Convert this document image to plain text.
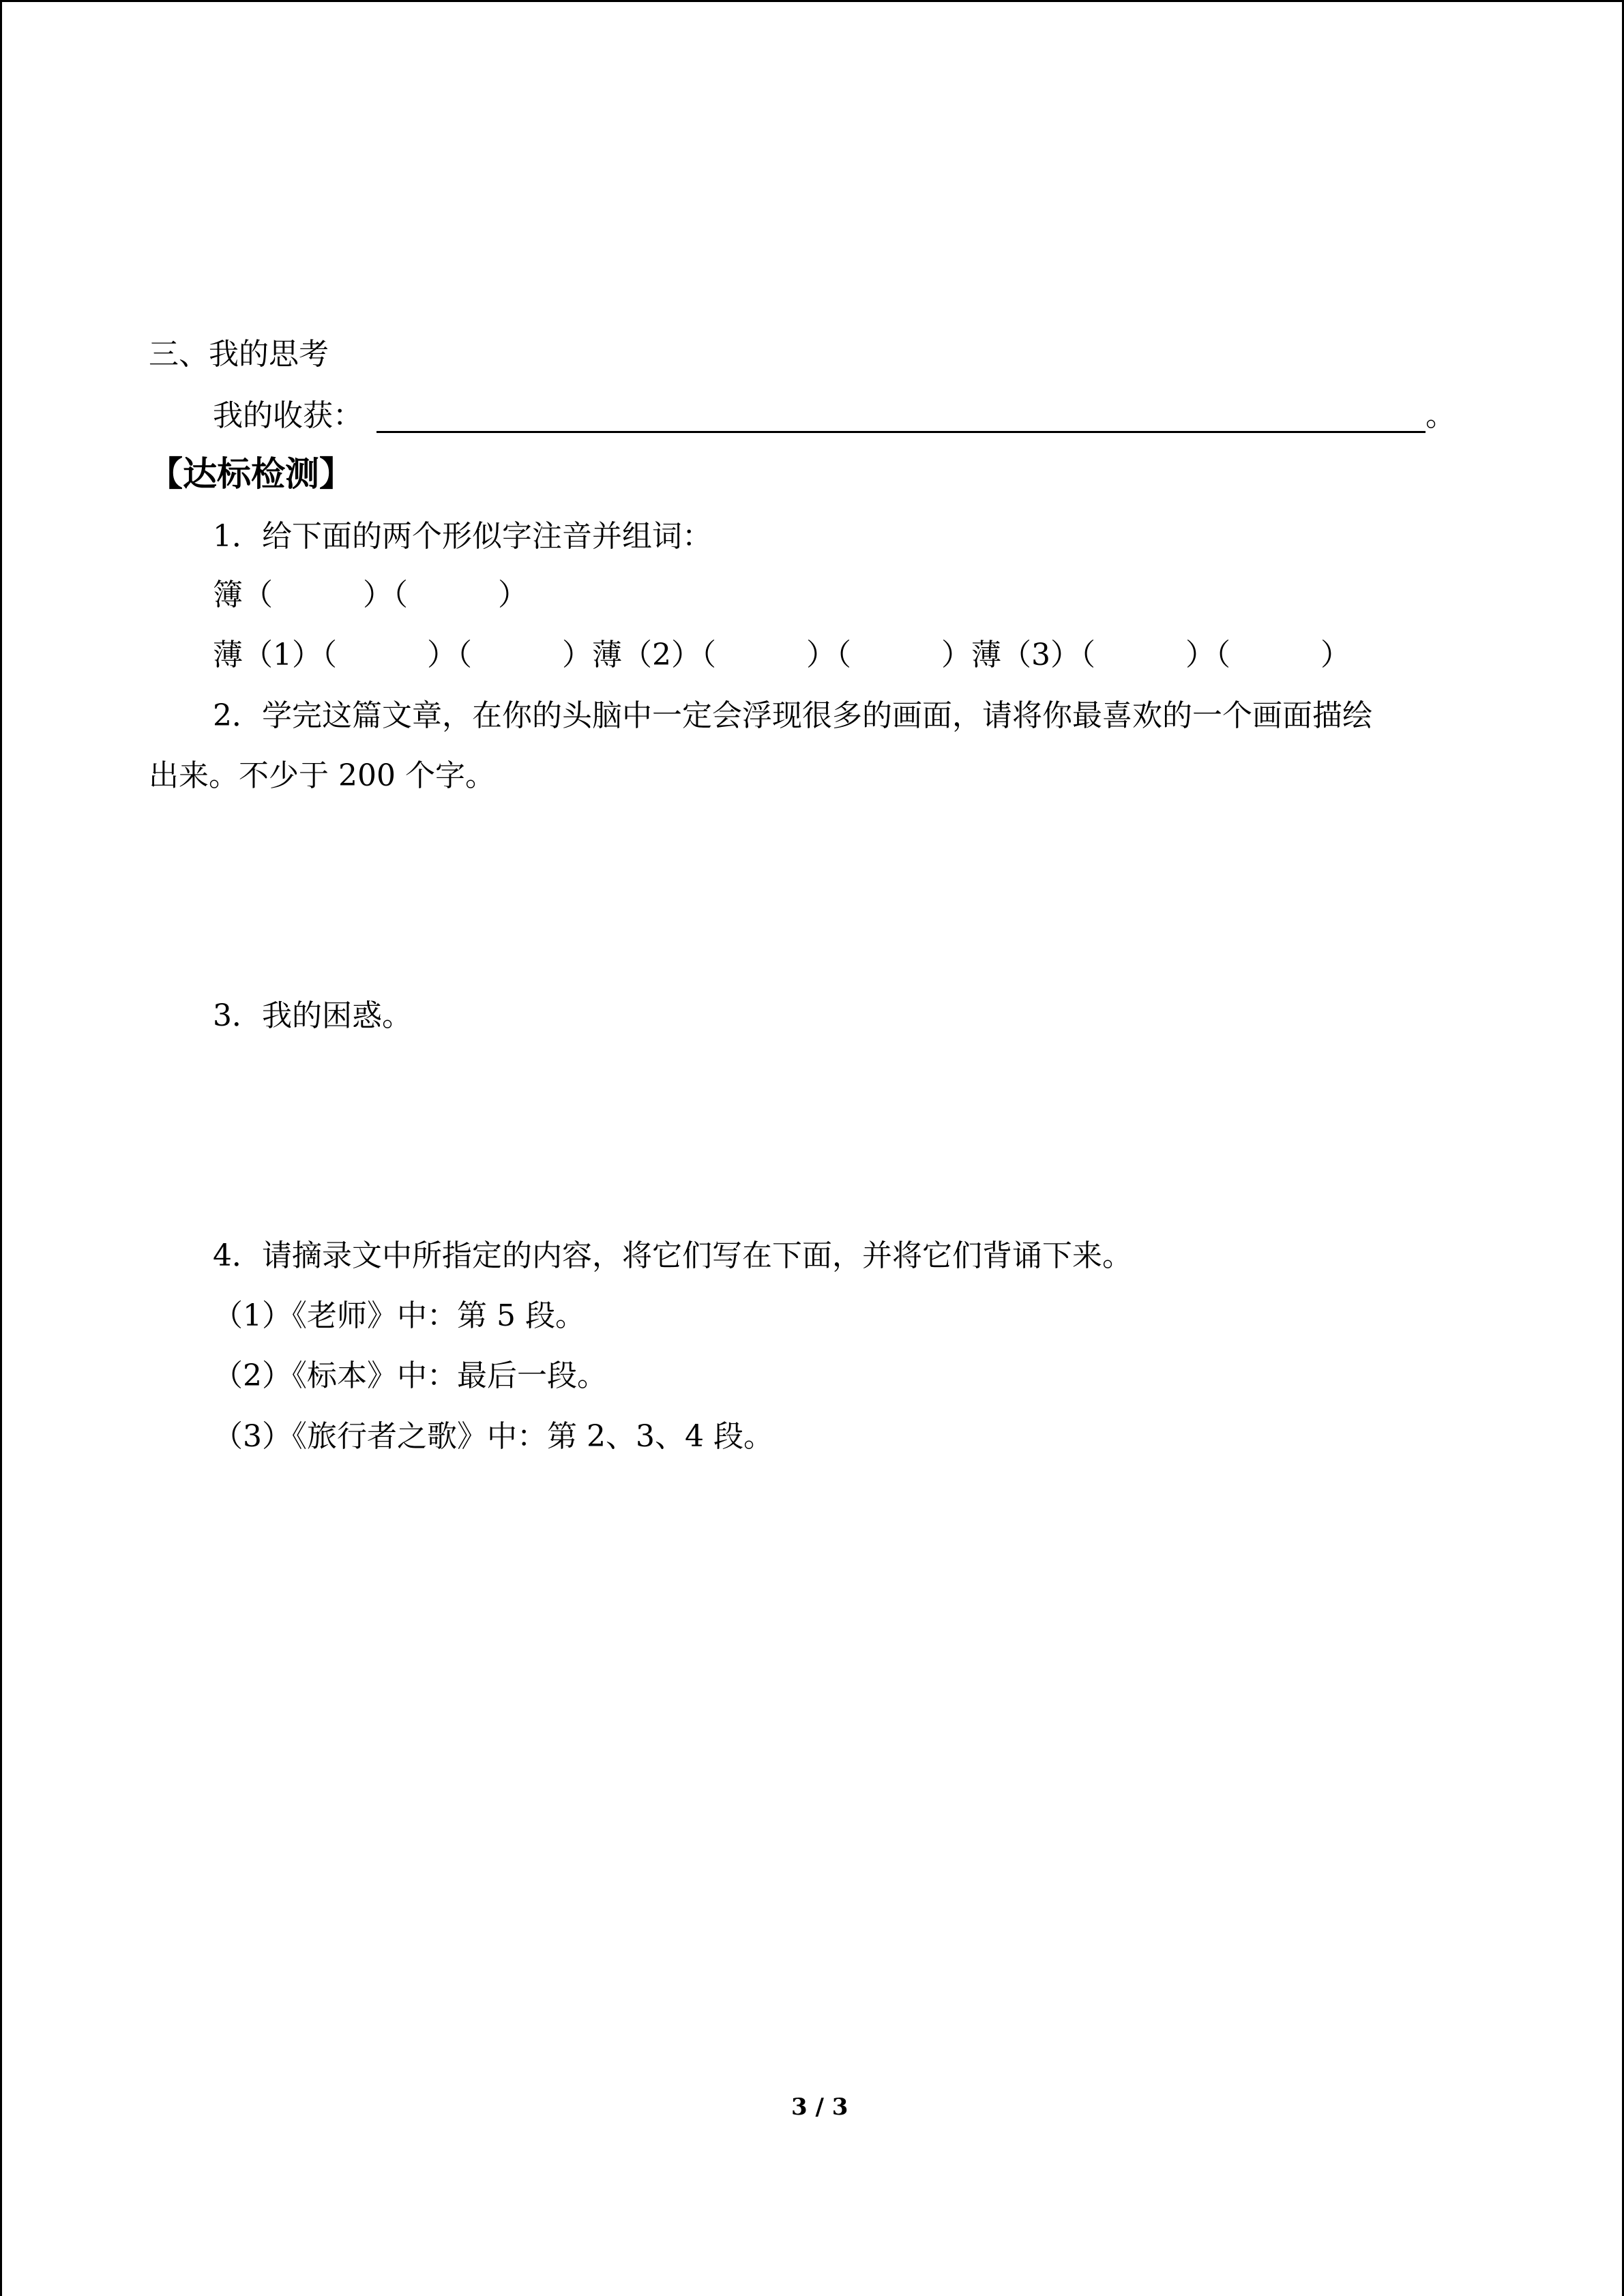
三、我的思考
我的收获：	。
【达标检测】
1．给下面的两个形似字注音并组词：
簿（　　　）（　　　）
薄（1）（　　　）（　　　）薄（2）（　　　）（　　　）薄（3）（　　　）（　　　）
2．学完这篇文章，在你的头脑中一定会浮现很多的画面，请将你最喜欢的一个画面描绘
出来。不少于 200 个字。
3．我的困惑。
4．请摘录文中所指定的内容，将它们写在下面，并将它们背诵下来。
（1）《老师》中：第 5 段。
（2）《标本》中：最后一段。
（3）《旅行者之歌》中：第 2、3、4 段。
3 / 3
